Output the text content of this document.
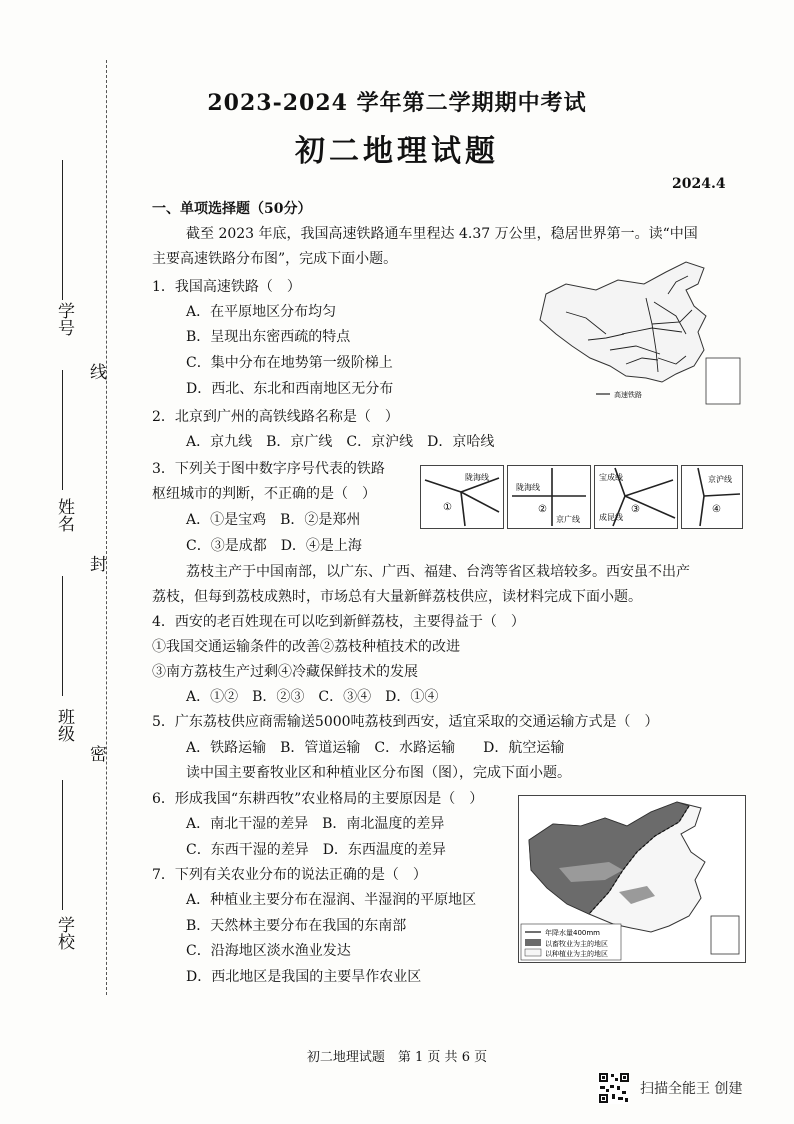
学号
线
姓名
封
班级
密
学校
2023-2024 学年第二学期期中考试
初二地理试题
2024.4
一、单项选择题（50分）
截至 2023 年底，我国高速铁路通车里程达 4.37 万公里，稳居世界第一。读“中国
主要高速铁路分布图”，完成下面小题。
1．我国高速铁路（　）
A．在平原地区分布均匀
B．呈现出东密西疏的特点
C．集中分布在地势第一级阶梯上
D．西北、东北和西南地区无分布	高速铁路
2．北京到广州的高铁线路名称是（　）
A．京九线　B．京广线　C．京沪线　D．京哈线
3．下列关于图中数字序号代表的铁路
枢纽城市的判断，不正确的是（　）
A．①是宝鸡　B．②是郑州
C．③是成都　D．④是上海
陇海线
①
陇海线
京广线
②
宝成线
成昆线
③
京沪线
④
荔枝主产于中国南部，以广东、广西、福建、台湾等省区栽培较多。西安虽不出产
荔枝，但每到荔枝成熟时，市场总有大量新鲜荔枝供应，读材料完成下面小题。
4．西安的老百姓现在可以吃到新鲜荔枝，主要得益于（　）
①我国交通运输条件的改善②荔枝种植技术的改进
③南方荔枝生产过剩④冷藏保鲜技术的发展
A．①②　B．②③　C．③④　D．①④
5．广东荔枝供应商需输送5000吨荔枝到西安，适宜采取的交通运输方式是（　）
A．铁路运输　B．管道运输　C．水路运输　　D．航空运输
读中国主要畜牧业区和种植业区分布图（图），完成下面小题。
6．形成我国“东耕西牧”农业格局的主要原因是（　）
A．南北干湿的差异　B．南北温度的差异
C．东西干湿的差异　D．东西温度的差异
7．下列有关农业分布的说法正确的是（　）
A．种植业主要分布在湿润、半湿润的平原地区
B．天然林主要分布在我国的东南部
C．沿海地区淡水渔业发达
D．西北地区是我国的主要旱作农业区
年降水量400mm
以畜牧业为主的地区
以种植业为主的地区
初二地理试题　第 1 页 共 6 页
扫描全能王 创建
